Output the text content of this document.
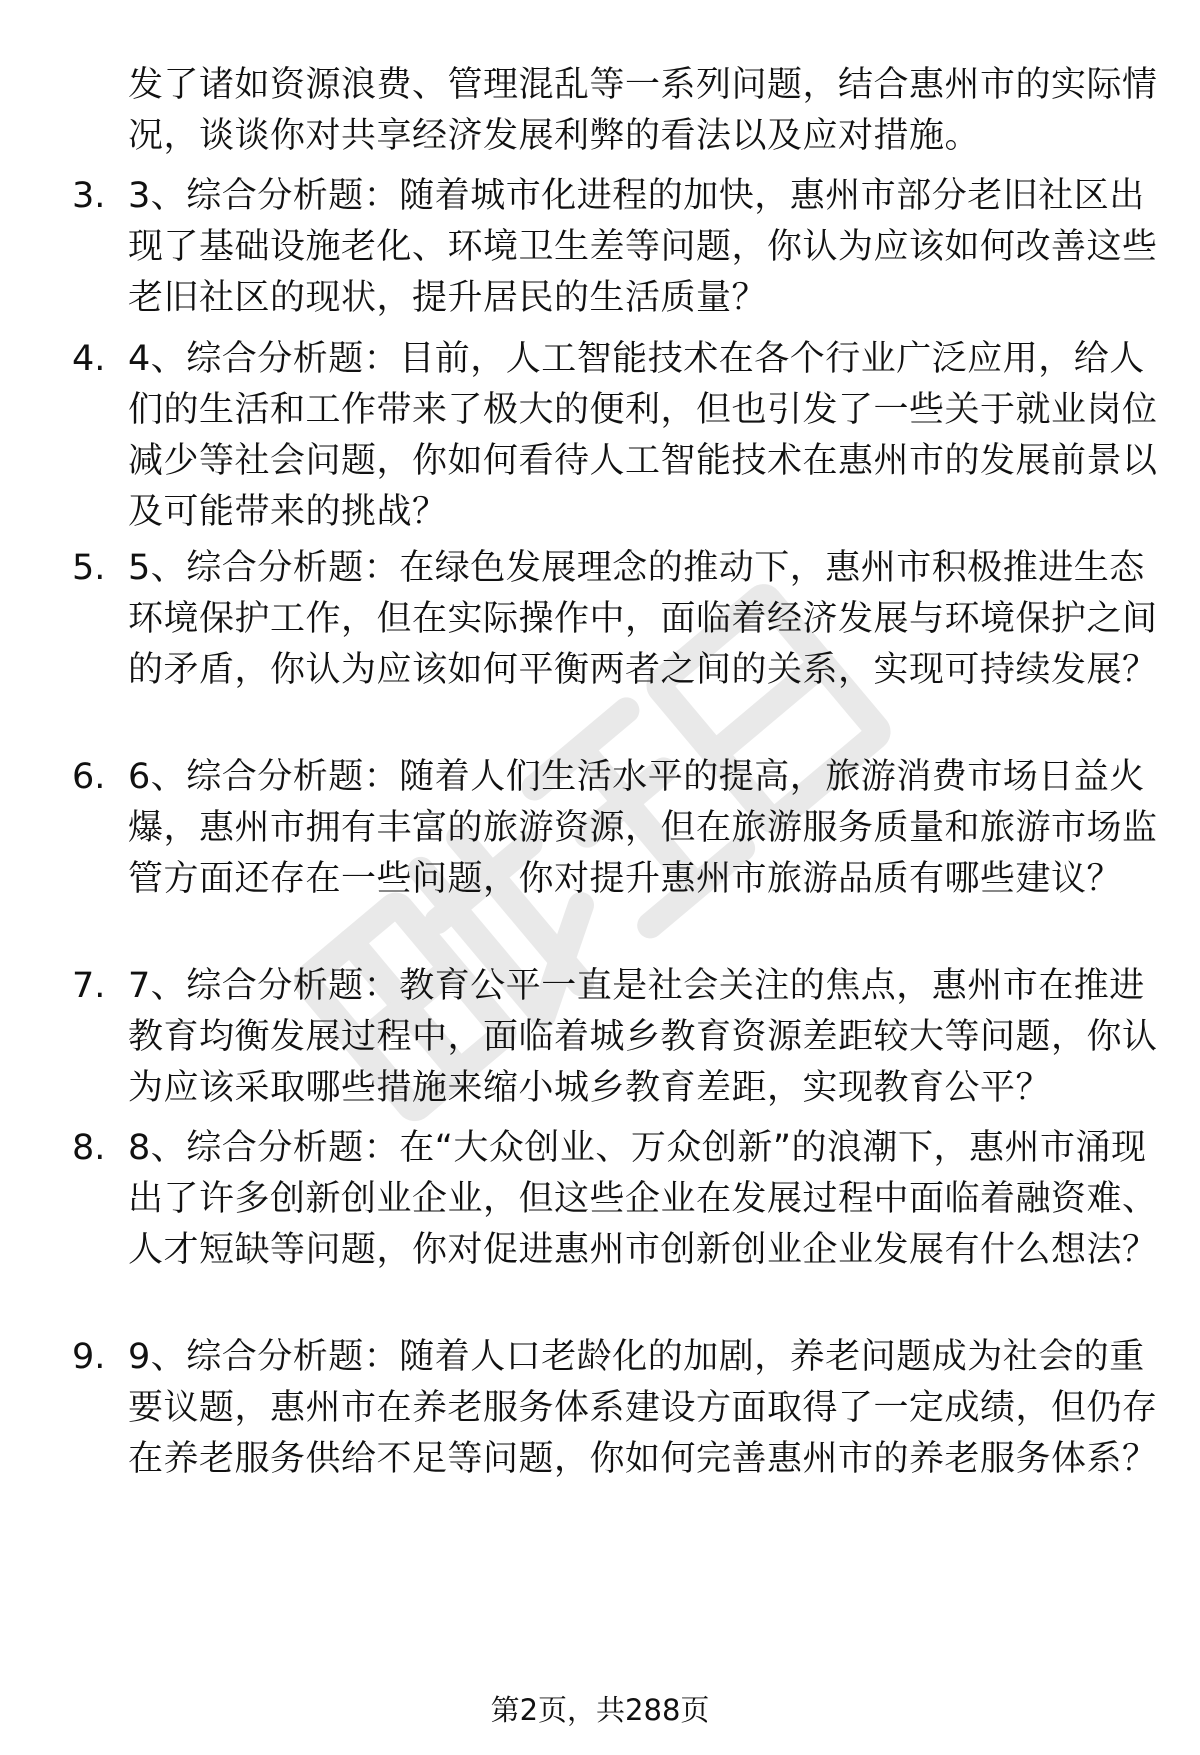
发了诸如资源浪费、管理混乱等一系列问题，结合惠州市的实际情况，谈谈你对共享经济发展利弊的看法以及应对措施。
3. 3、综合分析题：随着城市化进程的加快，惠州市部分老旧社区出现了基础设施老化、环境卫生差等问题，你认为应该如何改善这些老旧社区的现状，提升居民的生活质量？
4. 4、综合分析题：目前，人工智能技术在各个行业广泛应用，给人们的生活和工作带来了极大的便利，但也引发了一些关于就业岗位减少等社会问题，你如何看待人工智能技术在惠州市的发展前景以及可能带来的挑战？
5. 5、综合分析题：在绿色发展理念的推动下，惠州市积极推进生态环境保护工作，但在实际操作中，面临着经济发展与环境保护之间的矛盾，你认为应该如何平衡两者之间的关系，实现可持续发展？
6. 6、综合分析题：随着人们生活水平的提高，旅游消费市场日益火爆，惠州市拥有丰富的旅游资源，但在旅游服务质量和旅游市场监管方面还存在一些问题，你对提升惠州市旅游品质有哪些建议？
7. 7、综合分析题：教育公平一直是社会关注的焦点，惠州市在推进教育均衡发展过程中，面临着城乡教育资源差距较大等问题，你认为应该采取哪些措施来缩小城乡教育差距，实现教育公平？
8. 8、综合分析题：在“大众创业、万众创新”的浪潮下，惠州市涌现出了许多创新创业企业，但这些企业在发展过程中面临着融资难、人才短缺等问题，你对促进惠州市创新创业企业发展有什么想法？
9. 9、综合分析题：随着人口老龄化的加剧，养老问题成为社会的重要议题，惠州市在养老服务体系建设方面取得了一定成绩，但仍存在养老服务供给不足等问题，你如何完善惠州市的养老服务体系？
第2页，共288页
